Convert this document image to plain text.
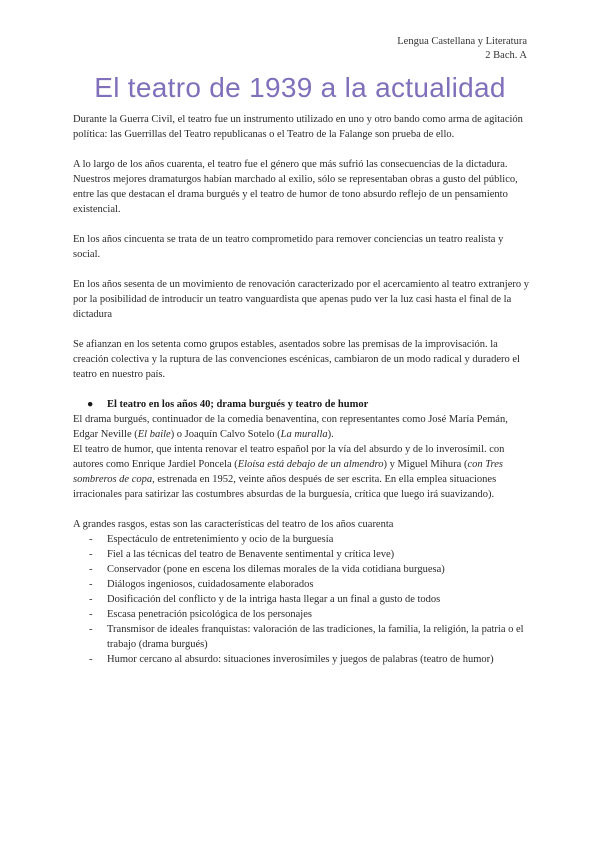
Lengua Castellana y Literatura
2 Bach. A
El teatro de 1939 a la actualidad

Durante la Guerra Civil, el teatro fue un instrumento utilizado en uno y otro bando como arma de agitación política: las Guerrillas del Teatro republicanas o el Teatro de la Falange son prueba de ello.

A lo largo de los años cuarenta, el teatro fue el género que más sufrió las consecuencias de la dictadura. Nuestros mejores dramaturgos habían marchado al exilio, sólo se representaban obras a gusto del público, entre las que destacan el drama burgués y el teatro de humor de tono absurdo reflejo de un pensamiento existencial.

En los años cincuenta se trata de un teatro comprometido para remover conciencias un teatro realista y social.

En los años sesenta de un movimiento de renovación caracterizado por el acercamiento al teatro extranjero y por la posibilidad de introducir un teatro vanguardista que apenas pudo ver la luz casi hasta el final de la dictadura

Se afianzan en los setenta como grupos estables, asentados sobre las premisas de la improvisación. la creación colectiva y la ruptura de las convenciones escénicas, cambiaron de un modo radical y duradero el teatro en nuestro país.

● El teatro en los años 40; drama burgués y teatro de humor

El drama burgués, continuador de la comedia benaventina, con representantes como José María Pemán, Edgar Neville (El baile) o Joaquín Calvo Sotelo (La muralla).

El teatro de humor, que intenta renovar el teatro español por la vía del absurdo y de lo inverosímil. con autores como Enrique Jardiel Poncela (Eloísa está debajo de un almendro) y Miguel Mihura (con Tres sombreros de copa, estrenada en 1952, veinte años después de ser escrita. En ella emplea situaciones irracionales para satirizar las costumbres absurdas de la burguesía, crítica que luego irá suavizando).

A grandes rasgos, estas son las características del teatro de los años cuarenta

- Espectáculo de entretenimiento y ocio de la burguesía
- Fiel a las técnicas del teatro de Benavente sentimental y crítica leve)
- Conservador (pone en escena los dilemas morales de la vida cotidiana burguesa)
- Diálogos ingeniosos, cuidadosamente elaborados
- Dosificación del conflicto y de la intriga hasta llegar a un final a gusto de todos
- Escasa penetración psicológica de los personajes
- Transmisor de ideales franquistas: valoración de las tradiciones, la familia, la religión, la patria o el trabajo (drama burgués)
- Humor cercano al absurdo: situaciones inverosímiles y juegos de palabras (teatro de humor)
